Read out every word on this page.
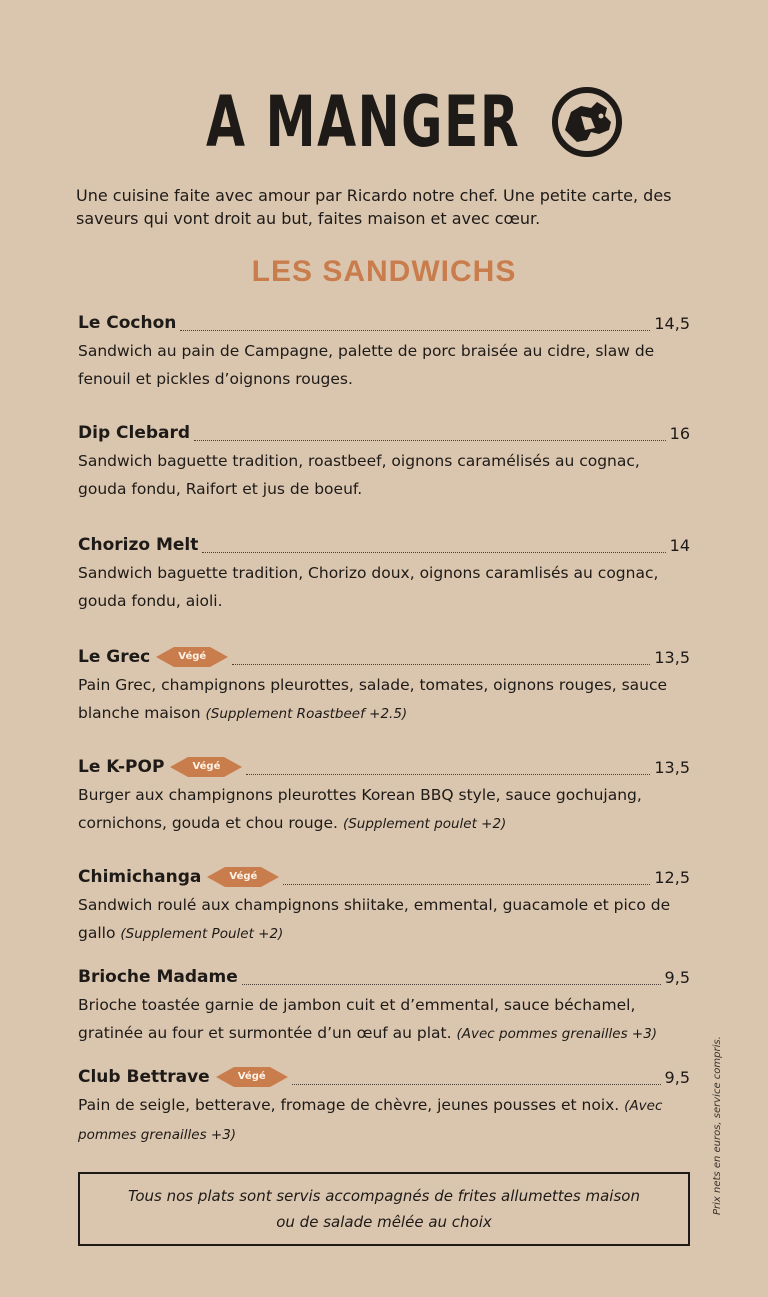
A MANGER
Une cuisine faite avec amour par Ricardo notre chef. Une petite carte, des saveurs qui vont droit au but, faites maison et avec cœur.
LES SANDWICHS
Le Cochon	14,5
Sandwich au pain de Campagne, palette de porc braisée au cidre, slaw de fenouil et pickles d’oignons rouges.
Dip Clebard	16
Sandwich baguette tradition, roastbeef, oignons caramélisés au cognac, gouda fondu, Raifort et jus de boeuf.
Chorizo Melt	14
Sandwich baguette tradition, Chorizo doux, oignons caramlisés au cognac, gouda fondu, aioli.
Le Grec	Végé	13,5
Pain Grec, champignons pleurottes, salade, tomates, oignons rouges, sauce blanche maison (Supplement Roastbeef +2.5)
Le K-POP	Végé	13,5
Burger aux champignons pleurottes Korean BBQ style, sauce gochujang, cornichons, gouda et chou rouge. (Supplement poulet +2)
Chimichanga	Végé	12,5
Sandwich roulé aux champignons shiitake, emmental, guacamole et pico de gallo (Supplement Poulet +2)
Brioche Madame	9,5
Brioche toastée garnie de jambon cuit et d’emmental, sauce béchamel, gratinée au four et surmontée d’un œuf au plat. (Avec pommes grenailles +3)
Club Bettrave	Végé	9,5
Pain de seigle, betterave, fromage de chèvre, jeunes pousses et noix. (Avec pommes grenailles +3)
Tous nos plats sont servis accompagnés de frites allumettes maison
ou de salade mêlée au choix
Prix nets en euros, service compris.
